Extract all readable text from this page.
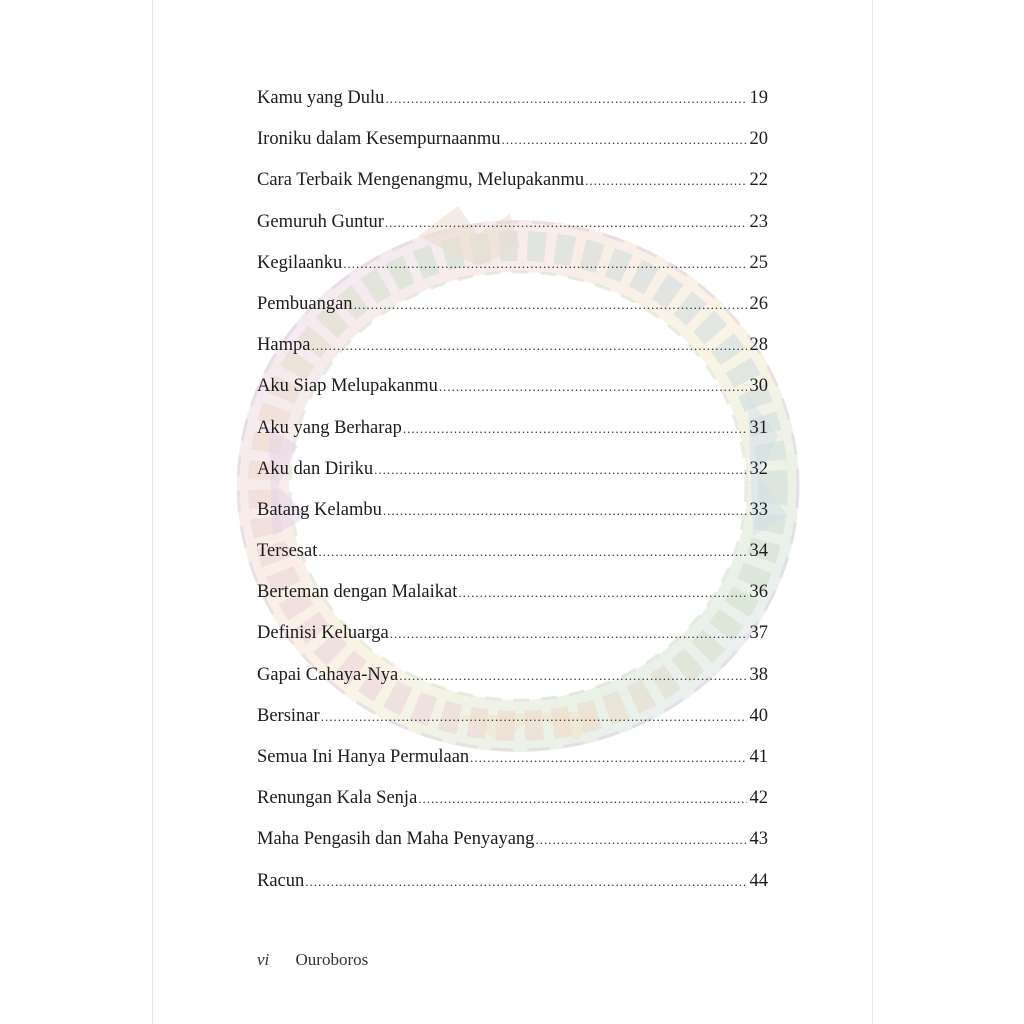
Kamu yang Dulu .....	19
Ironiku dalam Kesempurnaanmu .....	20
Cara Terbaik Mengenangmu, Melupakanmu .....	22
Gemuruh Guntur .....	23
Kegilaanku .....	25
Pembuangan .....	26
Hampa .....	28
Aku Siap Melupakanmu .....	30
Aku yang Berharap .....	31
Aku dan Diriku .....	32
Batang Kelambu .....	33
Tersesat .....	34
Berteman dengan Malaikat .....	36
Definisi Keluarga .....	37
Gapai Cahaya-Nya .....	38
Bersinar .....	40
Semua Ini Hanya Permulaan .....	41
Renungan Kala Senja .....	42
Maha Pengasih dan Maha Penyayang .....	43
Racun .....	44
vi Ouroboros
